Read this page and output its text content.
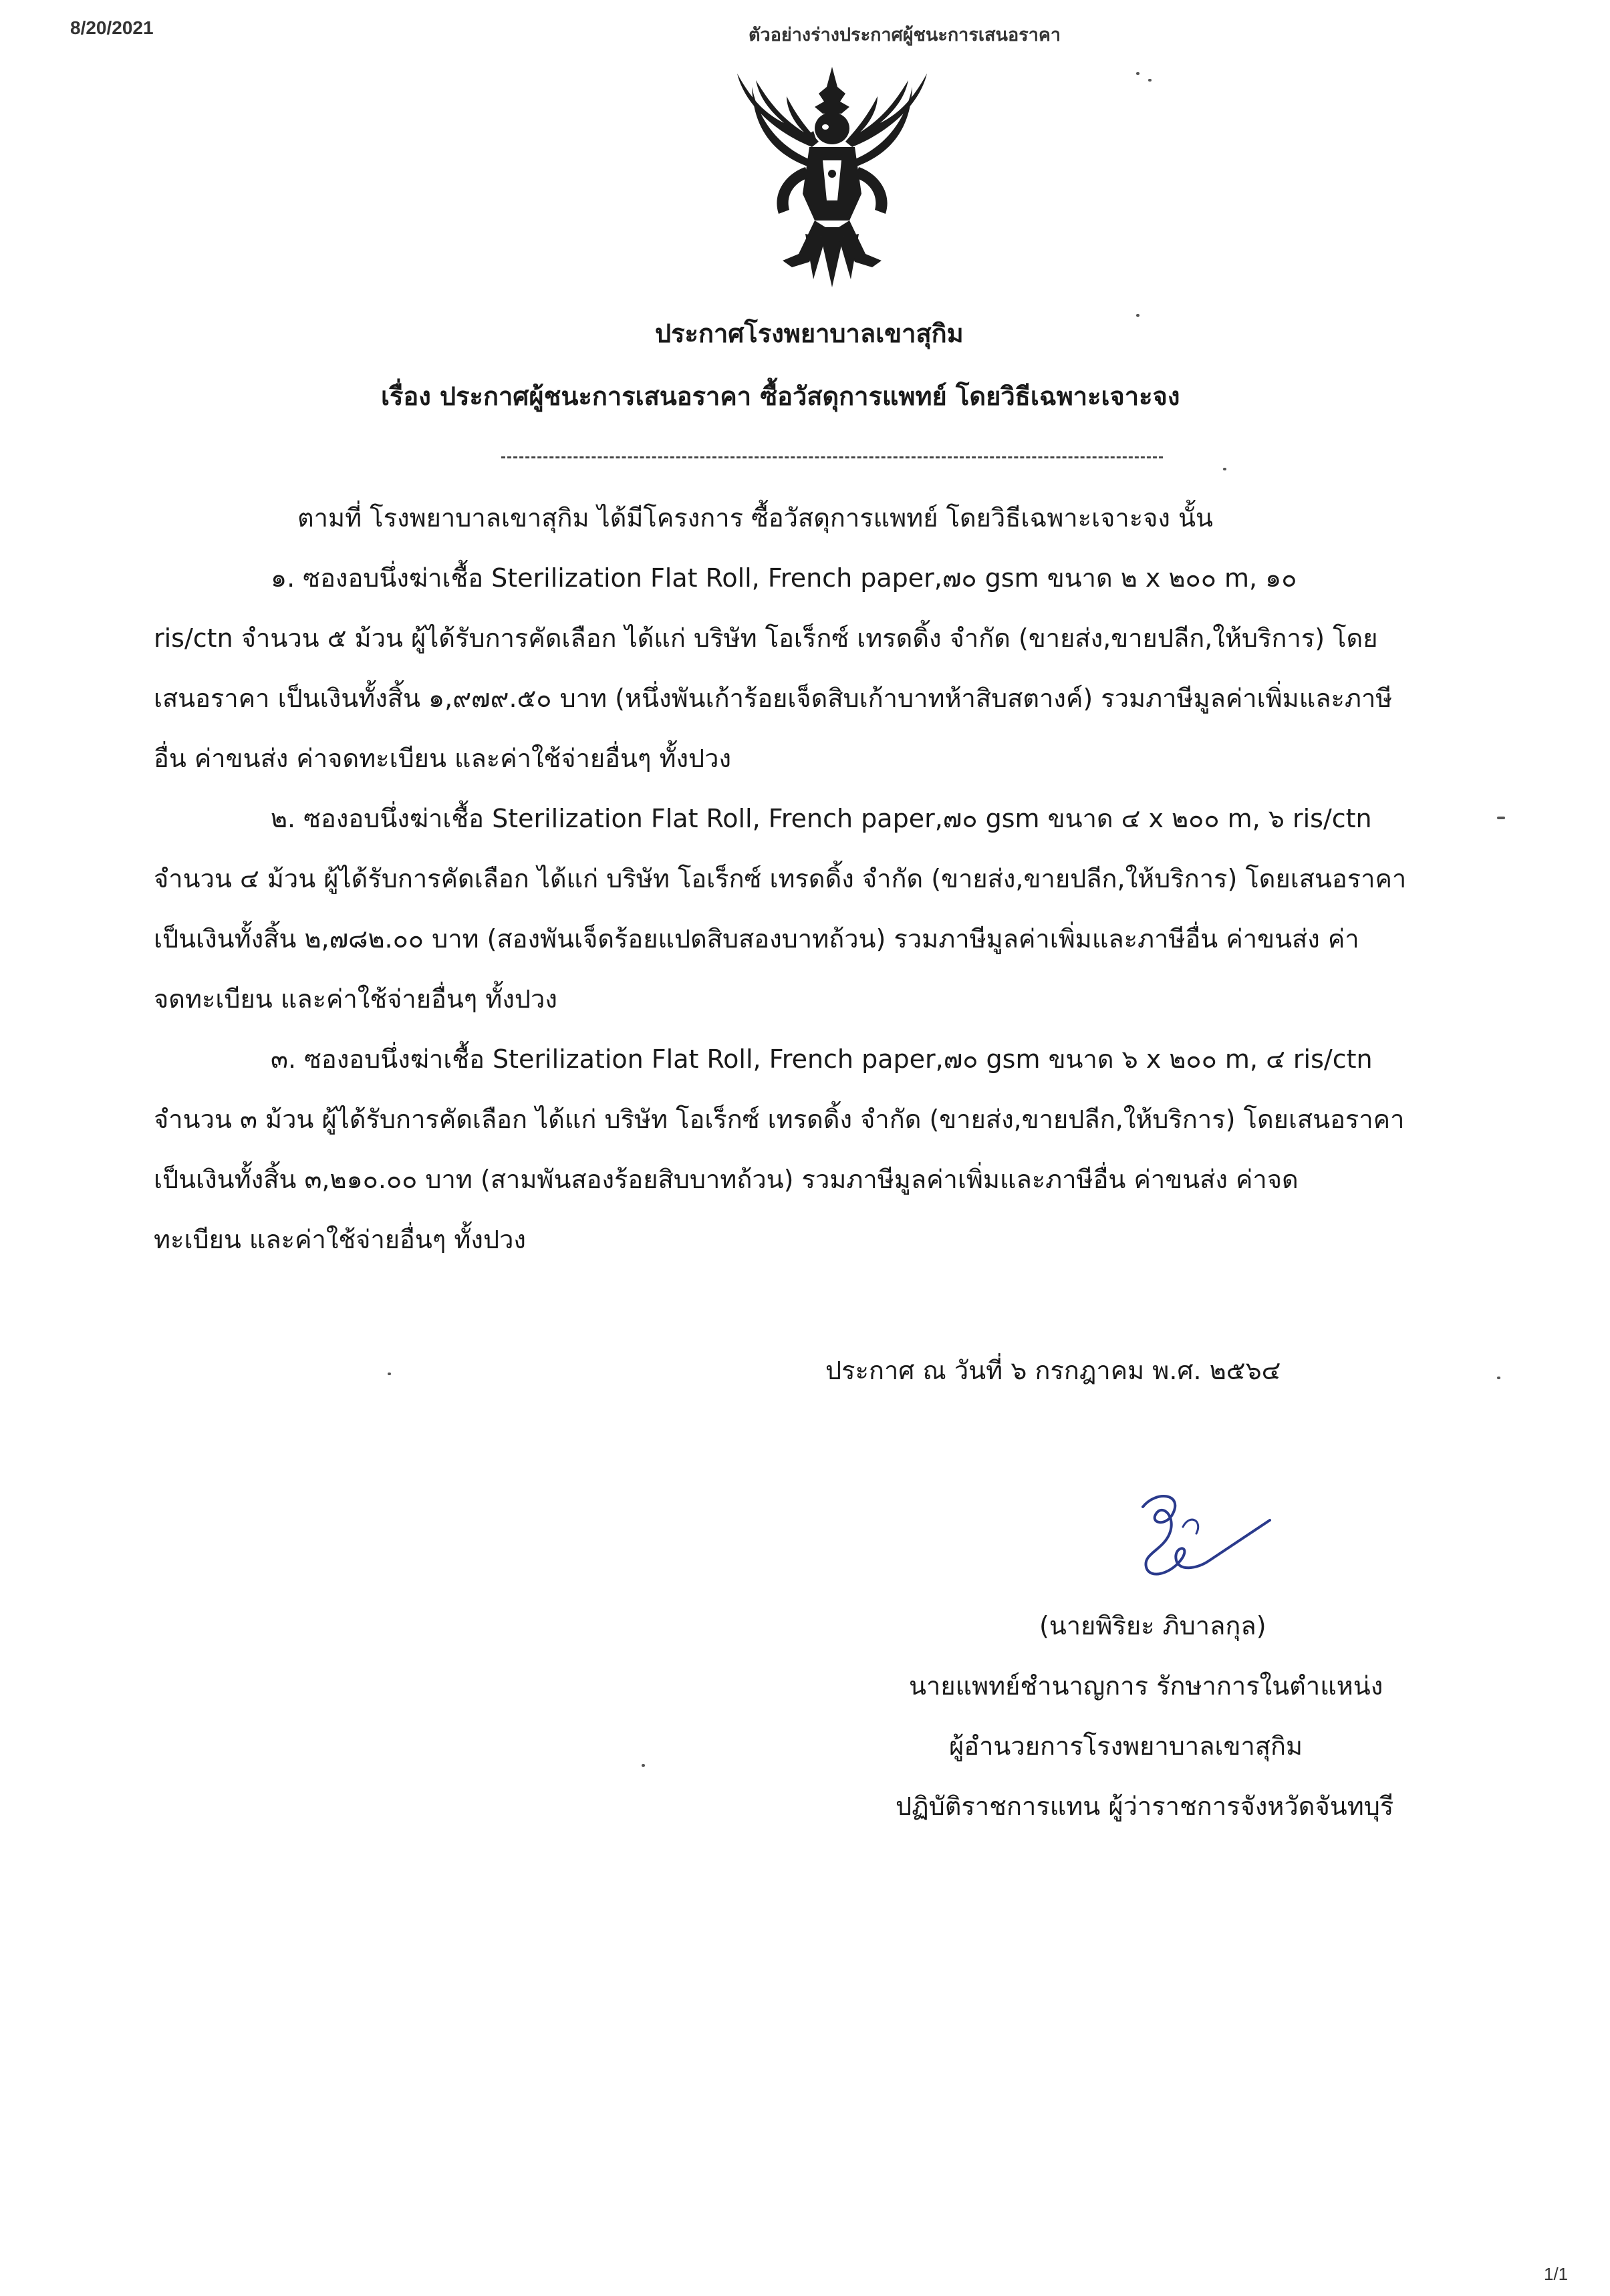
8/20/2021	ตัวอย่างร่างประกาศผู้ชนะการเสนอราคา
ประกาศโรงพยาบาลเขาสุกิม
เรื่อง ประกาศผู้ชนะการเสนอราคา ซื้อวัสดุการแพทย์ โดยวิธีเฉพาะเจาะจง
ตามที่ โรงพยาบาลเขาสุกิม ได้มีโครงการ ซื้อวัสดุการแพทย์ โดยวิธีเฉพาะเจาะจง นั้น
๑. ซองอบนึ่งฆ่าเชื้อ Sterilization Flat Roll, French paper,๗๐ gsm ขนาด ๒ x ๒๐๐ m, ๑๐
ris/ctn จำนวน ๕ ม้วน ผู้ได้รับการคัดเลือก ได้แก่ บริษัท โอเร็กซ์ เทรดดิ้ง จำกัด (ขายส่ง,ขายปลีก,ให้บริการ) โดย
เสนอราคา เป็นเงินทั้งสิ้น ๑,๙๗๙.๕๐ บาท (หนึ่งพันเก้าร้อยเจ็ดสิบเก้าบาทห้าสิบสตางค์) รวมภาษีมูลค่าเพิ่มและภาษี
อื่น ค่าขนส่ง ค่าจดทะเบียน และค่าใช้จ่ายอื่นๆ ทั้งปวง
๒. ซองอบนึ่งฆ่าเชื้อ Sterilization Flat Roll, French paper,๗๐ gsm ขนาด ๔ x ๒๐๐ m, ๖ ris/ctn
จำนวน ๔ ม้วน ผู้ได้รับการคัดเลือก ได้แก่ บริษัท โอเร็กซ์ เทรดดิ้ง จำกัด (ขายส่ง,ขายปลีก,ให้บริการ) โดยเสนอราคา
เป็นเงินทั้งสิ้น ๒,๗๘๒.๐๐ บาท (สองพันเจ็ดร้อยแปดสิบสองบาทถ้วน) รวมภาษีมูลค่าเพิ่มและภาษีอื่น ค่าขนส่ง ค่า
จดทะเบียน และค่าใช้จ่ายอื่นๆ ทั้งปวง
๓. ซองอบนึ่งฆ่าเชื้อ Sterilization Flat Roll, French paper,๗๐ gsm ขนาด ๖ x ๒๐๐ m, ๔ ris/ctn
จำนวน ๓ ม้วน ผู้ได้รับการคัดเลือก ได้แก่ บริษัท โอเร็กซ์ เทรดดิ้ง จำกัด (ขายส่ง,ขายปลีก,ให้บริการ) โดยเสนอราคา
เป็นเงินทั้งสิ้น ๓,๒๑๐.๐๐ บาท (สามพันสองร้อยสิบบาทถ้วน) รวมภาษีมูลค่าเพิ่มและภาษีอื่น ค่าขนส่ง ค่าจด
ทะเบียน และค่าใช้จ่ายอื่นๆ ทั้งปวง
ประกาศ ณ วันที่ ๖ กรกฎาคม พ.ศ. ๒๕๖๔
(นายพิริยะ ภิบาลกุล)
นายแพทย์ชำนาญการ รักษาการในตำแหน่ง
ผู้อำนวยการโรงพยาบาลเขาสุกิม
ปฏิบัติราชการแทน ผู้ว่าราชการจังหวัดจันทบุรี
1/1
